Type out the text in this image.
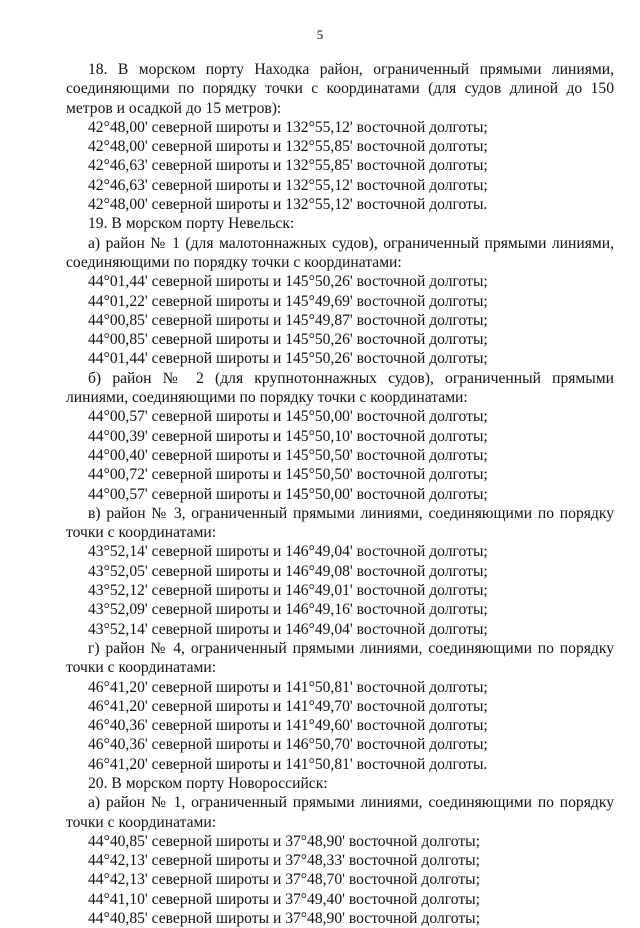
5

18. В морском порту Находка район, ограниченный прямыми линиями, соединяющими по порядку точки с координатами (для судов длиной до 150 метров и осадкой до 15 метров):

42°48,00' северной широты и 132°55,12' восточной долготы;

42°48,00' северной широты и 132°55,85' восточной долготы;

42°46,63' северной широты и 132°55,85' восточной долготы;

42°46,63' северной широты и 132°55,12' восточной долготы;

42°48,00' северной широты и 132°55,12' восточной долготы.

19. В морском порту Невельск:

а) район № 1 (для малотоннажных судов), ограниченный прямыми линиями, соединяющими по порядку точки с координатами:

44°01,44' северной широты и 145°50,26' восточной долготы;

44°01,22' северной широты и 145°49,69' восточной долготы;

44°00,85' северной широты и 145°49,87' восточной долготы;

44°00,85' северной широты и 145°50,26' восточной долготы;

44°01,44' северной широты и 145°50,26' восточной долготы;

б) район № 2 (для крупнотоннажных судов), ограниченный прямыми линиями, соединяющими по порядку точки с координатами:

44°00,57' северной широты и 145°50,00' восточной долготы;

44°00,39' северной широты и 145°50,10' восточной долготы;

44°00,40' северной широты и 145°50,50' восточной долготы;

44°00,72' северной широты и 145°50,50' восточной долготы;

44°00,57' северной широты и 145°50,00' восточной долготы;

в) район № 3, ограниченный прямыми линиями, соединяющими по порядку точки с координатами:

43°52,14' северной широты и 146°49,04' восточной долготы;

43°52,05' северной широты и 146°49,08' восточной долготы;

43°52,12' северной широты и 146°49,01' восточной долготы;

43°52,09' северной широты и 146°49,16' восточной долготы;

43°52,14' северной широты и 146°49,04' восточной долготы;

г) район № 4, ограниченный прямыми линиями, соединяющими по порядку точки с координатами:

46°41,20' северной широты и 141°50,81' восточной долготы;

46°41,20' северной широты и 141°49,70' восточной долготы;

46°40,36' северной широты и 141°49,60' восточной долготы;

46°40,36' северной широты и 146°50,70' восточной долготы;

46°41,20' северной широты и 141°50,81' восточной долготы.

20. В морском порту Новороссийск:

а) район № 1, ограниченный прямыми линиями, соединяющими по порядку точки с координатами:

44°40,85' северной широты и 37°48,90' восточной долготы;

44°42,13' северной широты и 37°48,33' восточной долготы;

44°42,13' северной широты и 37°48,70' восточной долготы;

44°41,10' северной широты и 37°49,40' восточной долготы;

44°40,85' северной широты и 37°48,90' восточной долготы;
